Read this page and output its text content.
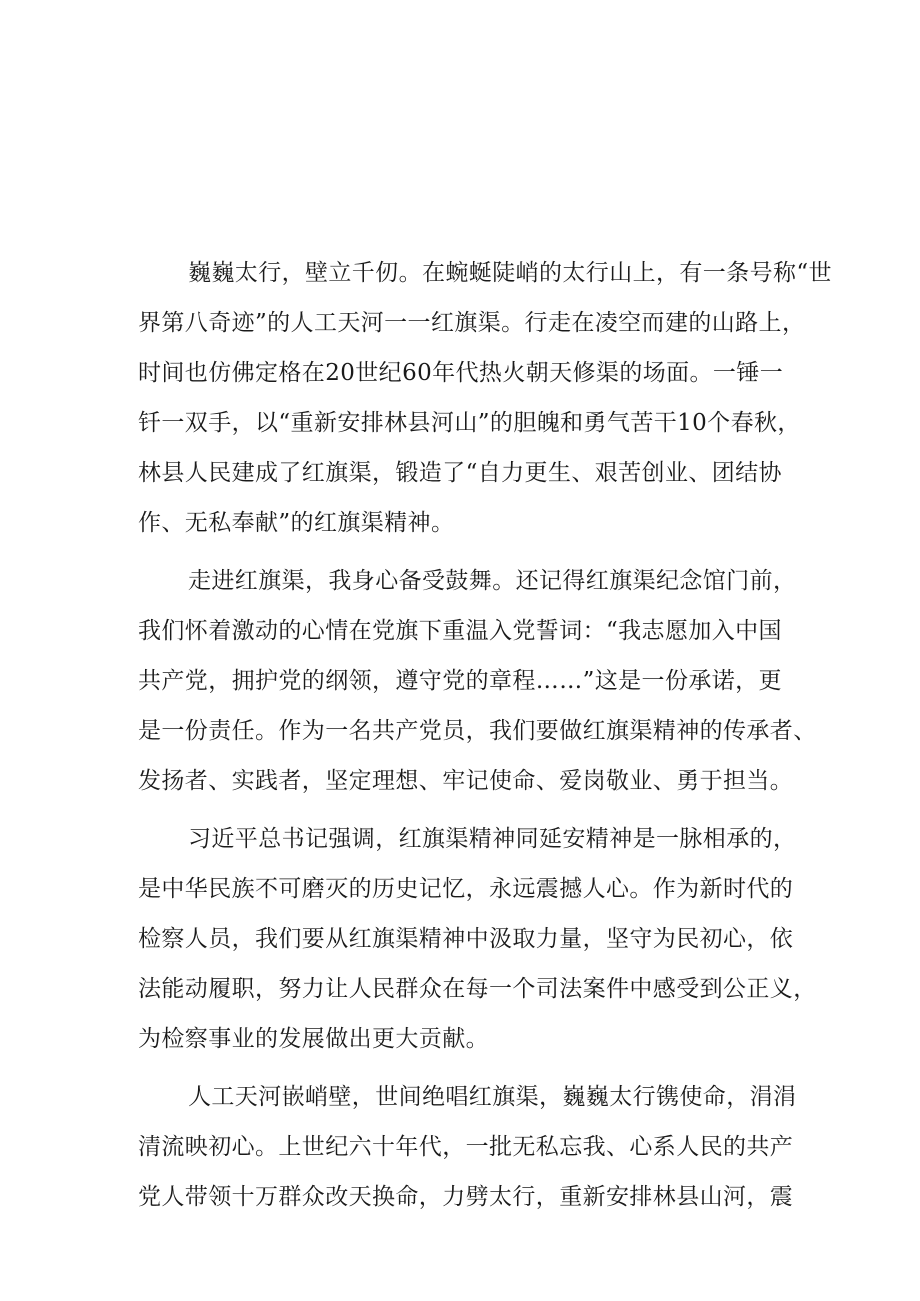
巍巍太行，壁立千仞。在蜿蜒陡峭的太行山上，有一条号称“世
界第八奇迹”的人工天河一一红旗渠。行走在凌空而建的山路上，
时间也仿佛定格在20世纪60年代热火朝天修渠的场面。一锤一
钎一双手，以“重新安排林县河山”的胆魄和勇气苦干10个春秋，
林县人民建成了红旗渠，锻造了“自力更生、艰苦创业、团结协
作、无私奉献”的红旗渠精神。
走进红旗渠，我身心备受鼓舞。还记得红旗渠纪念馆门前，
我们怀着激动的心情在党旗下重温入党誓词：“我志愿加入中国
共产党，拥护党的纲领，遵守党的章程……”这是一份承诺，更
是一份责任。作为一名共产党员，我们要做红旗渠精神的传承者、
发扬者、实践者，坚定理想、牢记使命、爱岗敬业、勇于担当。
习近平总书记强调，红旗渠精神同延安精神是一脉相承的，
是中华民族不可磨灭的历史记忆，永远震撼人心。作为新时代的
检察人员，我们要从红旗渠精神中汲取力量，坚守为民初心，依
法能动履职，努力让人民群众在每一个司法案件中感受到公正义，
为检察事业的发展做出更大贡献。
人工天河嵌峭壁，世间绝唱红旗渠，巍巍太行镌使命，涓涓
清流映初心。上世纪六十年代，一批无私忘我、心系人民的共产
党人带领十万群众改天换命，力劈太行，重新安排林县山河，震
